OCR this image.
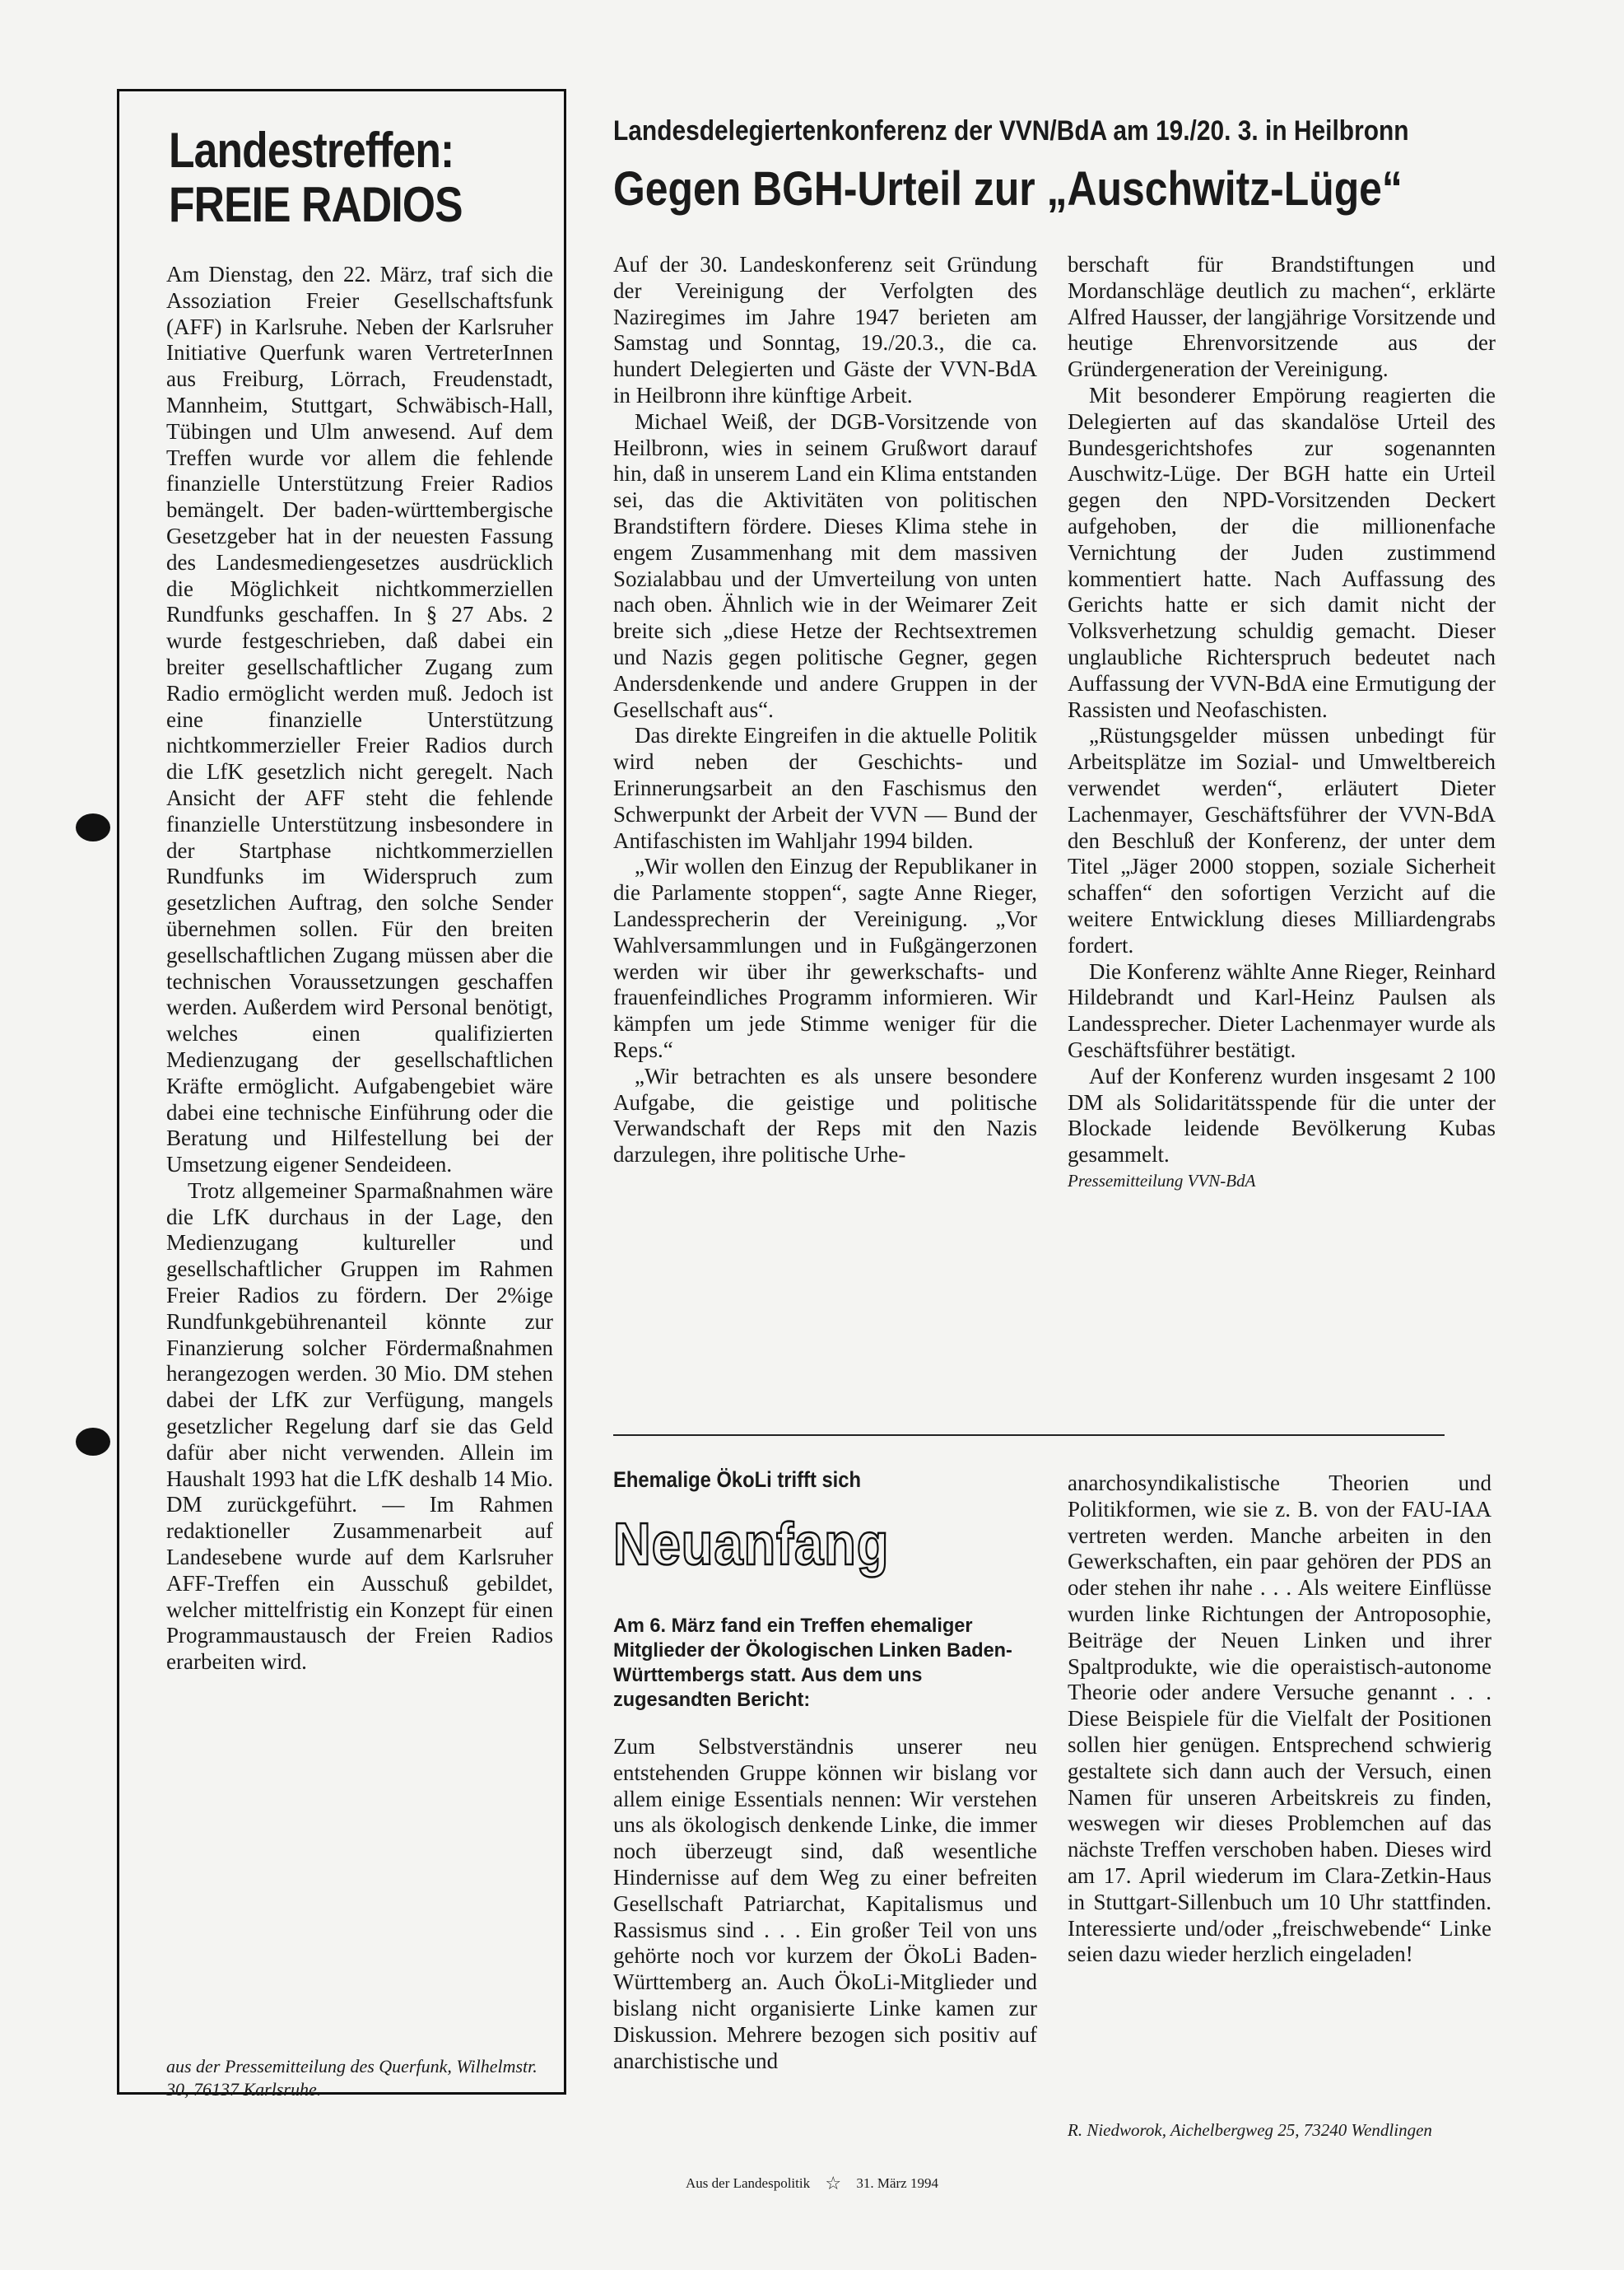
Landestreffen:
FREIE RADIOS

Am Dienstag, den 22. März, traf sich die Assoziation Freier Gesellschaftsfunk (AFF) in Karlsruhe. Neben der Karlsruher Initiative Querfunk waren VertreterInnen aus Freiburg, Lörrach, Freudenstadt, Mannheim, Stuttgart, Schwäbisch-Hall, Tübingen und Ulm anwesend. Auf dem Treffen wurde vor allem die fehlende finanzielle Unterstützung Freier Radios bemängelt. Der baden-württembergische Gesetzgeber hat in der neuesten Fassung des Landesmediengesetzes ausdrücklich die Möglichkeit nichtkommerziellen Rundfunks geschaffen. In § 27 Abs. 2 wurde festgeschrieben, daß dabei ein breiter gesellschaftlicher Zugang zum Radio ermöglicht werden muß. Jedoch ist eine finanzielle Unterstützung nichtkommerzieller Freier Radios durch die LfK gesetzlich nicht geregelt. Nach Ansicht der AFF steht die fehlende finanzielle Unterstützung insbesondere in der Startphase nichtkommerziellen Rundfunks im Widerspruch zum gesetzlichen Auftrag, den solche Sender übernehmen sollen. Für den breiten gesellschaftlichen Zugang müssen aber die technischen Voraussetzungen geschaffen werden. Außerdem wird Personal benötigt, welches einen qualifizierten Medienzugang der gesellschaftlichen Kräfte ermöglicht. Aufgabengebiet wäre dabei eine technische Einführung oder die Beratung und Hilfestellung bei der Umsetzung eigener Sendeideen.

Trotz allgemeiner Sparmaßnahmen wäre die LfK durchaus in der Lage, den Medienzugang kultureller und gesellschaftlicher Gruppen im Rahmen Freier Radios zu fördern. Der 2%ige Rundfunkgebührenanteil könnte zur Finanzierung solcher Fördermaßnahmen herangezogen werden. 30 Mio. DM stehen dabei der LfK zur Verfügung, mangels gesetzlicher Regelung darf sie das Geld dafür aber nicht verwenden. Allein im Haushalt 1993 hat die LfK deshalb 14 Mio. DM zurückgeführt. — Im Rahmen redaktioneller Zusammenarbeit auf Landesebene wurde auf dem Karlsruher AFF-Treffen ein Ausschuß gebildet, welcher mittelfristig ein Konzept für einen Programmaustausch der Freien Radios erarbeiten wird.

aus der Pressemitteilung des Querfunk, Wilhelmstr. 30, 76137 Karlsruhe.
Landesdelegiertenkonferenz der VVN/BdA am 19./20. 3. in Heilbronn
Gegen BGH-Urteil zur „Auschwitz-Lüge“

Auf der 30. Landeskonferenz seit Gründung der Vereinigung der Verfolgten des Naziregimes im Jahre 1947 berieten am Samstag und Sonntag, 19./20.3., die ca. hundert Delegierten und Gäste der VVN-BdA in Heilbronn ihre künftige Arbeit.

Michael Weiß, der DGB-Vorsitzende von Heilbronn, wies in seinem Grußwort darauf hin, daß in unserem Land ein Klima entstanden sei, das die Aktivitäten von politischen Brandstiftern fördere. Dieses Klima stehe in engem Zusammenhang mit dem massiven Sozialabbau und der Umverteilung von unten nach oben. Ähnlich wie in der Weimarer Zeit breite sich „diese Hetze der Rechtsextremen und Nazis gegen politische Gegner, gegen Andersdenkende und andere Gruppen in der Gesellschaft aus“.

Das direkte Eingreifen in die aktuelle Politik wird neben der Geschichts- und Erinnerungsarbeit an den Faschismus den Schwerpunkt der Arbeit der VVN — Bund der Antifaschisten im Wahljahr 1994 bilden.

„Wir wollen den Einzug der Republikaner in die Parlamente stoppen“, sagte Anne Rieger, Landessprecherin der Vereinigung. „Vor Wahlversammlungen und in Fußgängerzonen werden wir über ihr gewerkschafts- und frauenfeindliches Programm informieren. Wir kämpfen um jede Stimme weniger für die Reps.“

„Wir betrachten es als unsere besondere Aufgabe, die geistige und politische Verwandschaft der Reps mit den Nazis darzulegen, ihre politische Urhe-

berschaft für Brandstiftungen und Mordanschläge deutlich zu machen“, erklärte Alfred Hausser, der langjährige Vorsitzende und heutige Ehrenvorsitzende aus der Gründergeneration der Vereinigung.

Mit besonderer Empörung reagierten die Delegierten auf das skandalöse Urteil des Bundesgerichtshofes zur sogenannten Auschwitz-Lüge. Der BGH hatte ein Urteil gegen den NPD-Vorsitzenden Deckert aufgehoben, der die millionenfache Vernichtung der Juden zustimmend kommentiert hatte. Nach Auffassung des Gerichts hatte er sich damit nicht der Volksverhetzung schuldig gemacht. Dieser unglaubliche Richterspruch bedeutet nach Auffassung der VVN-BdA eine Ermutigung der Rassisten und Neofaschisten.

„Rüstungsgelder müssen unbedingt für Arbeitsplätze im Sozial- und Umweltbereich verwendet werden“, erläutert Dieter Lachenmayer, Geschäftsführer der VVN-BdA den Beschluß der Konferenz, der unter dem Titel „Jäger 2000 stoppen, soziale Sicherheit schaffen“ den sofortigen Verzicht auf die weitere Entwicklung dieses Milliardengrabs fordert.

Die Konferenz wählte Anne Rieger, Reinhard Hildebrandt und Karl-Heinz Paulsen als Landessprecher. Dieter Lachenmayer wurde als Geschäftsführer bestätigt.

Auf der Konferenz wurden insgesamt 2 100 DM als Solidaritätsspende für die unter der Blockade leidende Bevölkerung Kubas gesammelt.

Pressemitteilung VVN-BdA

Ehemalige ÖkoLi trifft sich
Neuanfang
Am 6. März fand ein Treffen ehemaliger Mitglieder der Ökologischen Linken Baden-Württembergs statt. Aus dem uns zugesandten Bericht:

Zum Selbstverständnis unserer neu entstehenden Gruppe können wir bislang vor allem einige Essentials nennen: Wir verstehen uns als ökologisch denkende Linke, die immer noch überzeugt sind, daß wesentliche Hindernisse auf dem Weg zu einer befreiten Gesellschaft Patriarchat, Kapitalismus und Rassismus sind . . . Ein großer Teil von uns gehörte noch vor kurzem der ÖkoLi Baden-Württemberg an. Auch ÖkoLi-Mitglieder und bislang nicht organisierte Linke kamen zur Diskussion. Mehrere bezogen sich positiv auf anarchistische und

anarchosyndikalistische Theorien und Politikformen, wie sie z. B. von der FAU-IAA vertreten werden. Manche arbeiten in den Gewerkschaften, ein paar gehören der PDS an oder stehen ihr nahe . . . Als weitere Einflüsse wurden linke Richtungen der Antroposophie, Beiträge der Neuen Linken und ihrer Spaltprodukte, wie die operaistisch-autonome Theorie oder andere Versuche genannt . . . Diese Beispiele für die Vielfalt der Positionen sollen hier genügen. Entsprechend schwierig gestaltete sich dann auch der Versuch, einen Namen für unseren Arbeitskreis zu finden, weswegen wir dieses Problemchen auf das nächste Treffen verschoben haben. Dieses wird am 17. April wiederum im Clara-Zetkin-Haus in Stuttgart-Sillenbuch um 10 Uhr stattfinden. Interessierte und/oder „freischwebende“ Linke seien dazu wieder herzlich eingeladen!

R. Niedworok, Aichelbergweg 25, 73240 Wendlingen
Aus der Landespolitik ☆ 31. März 1994
